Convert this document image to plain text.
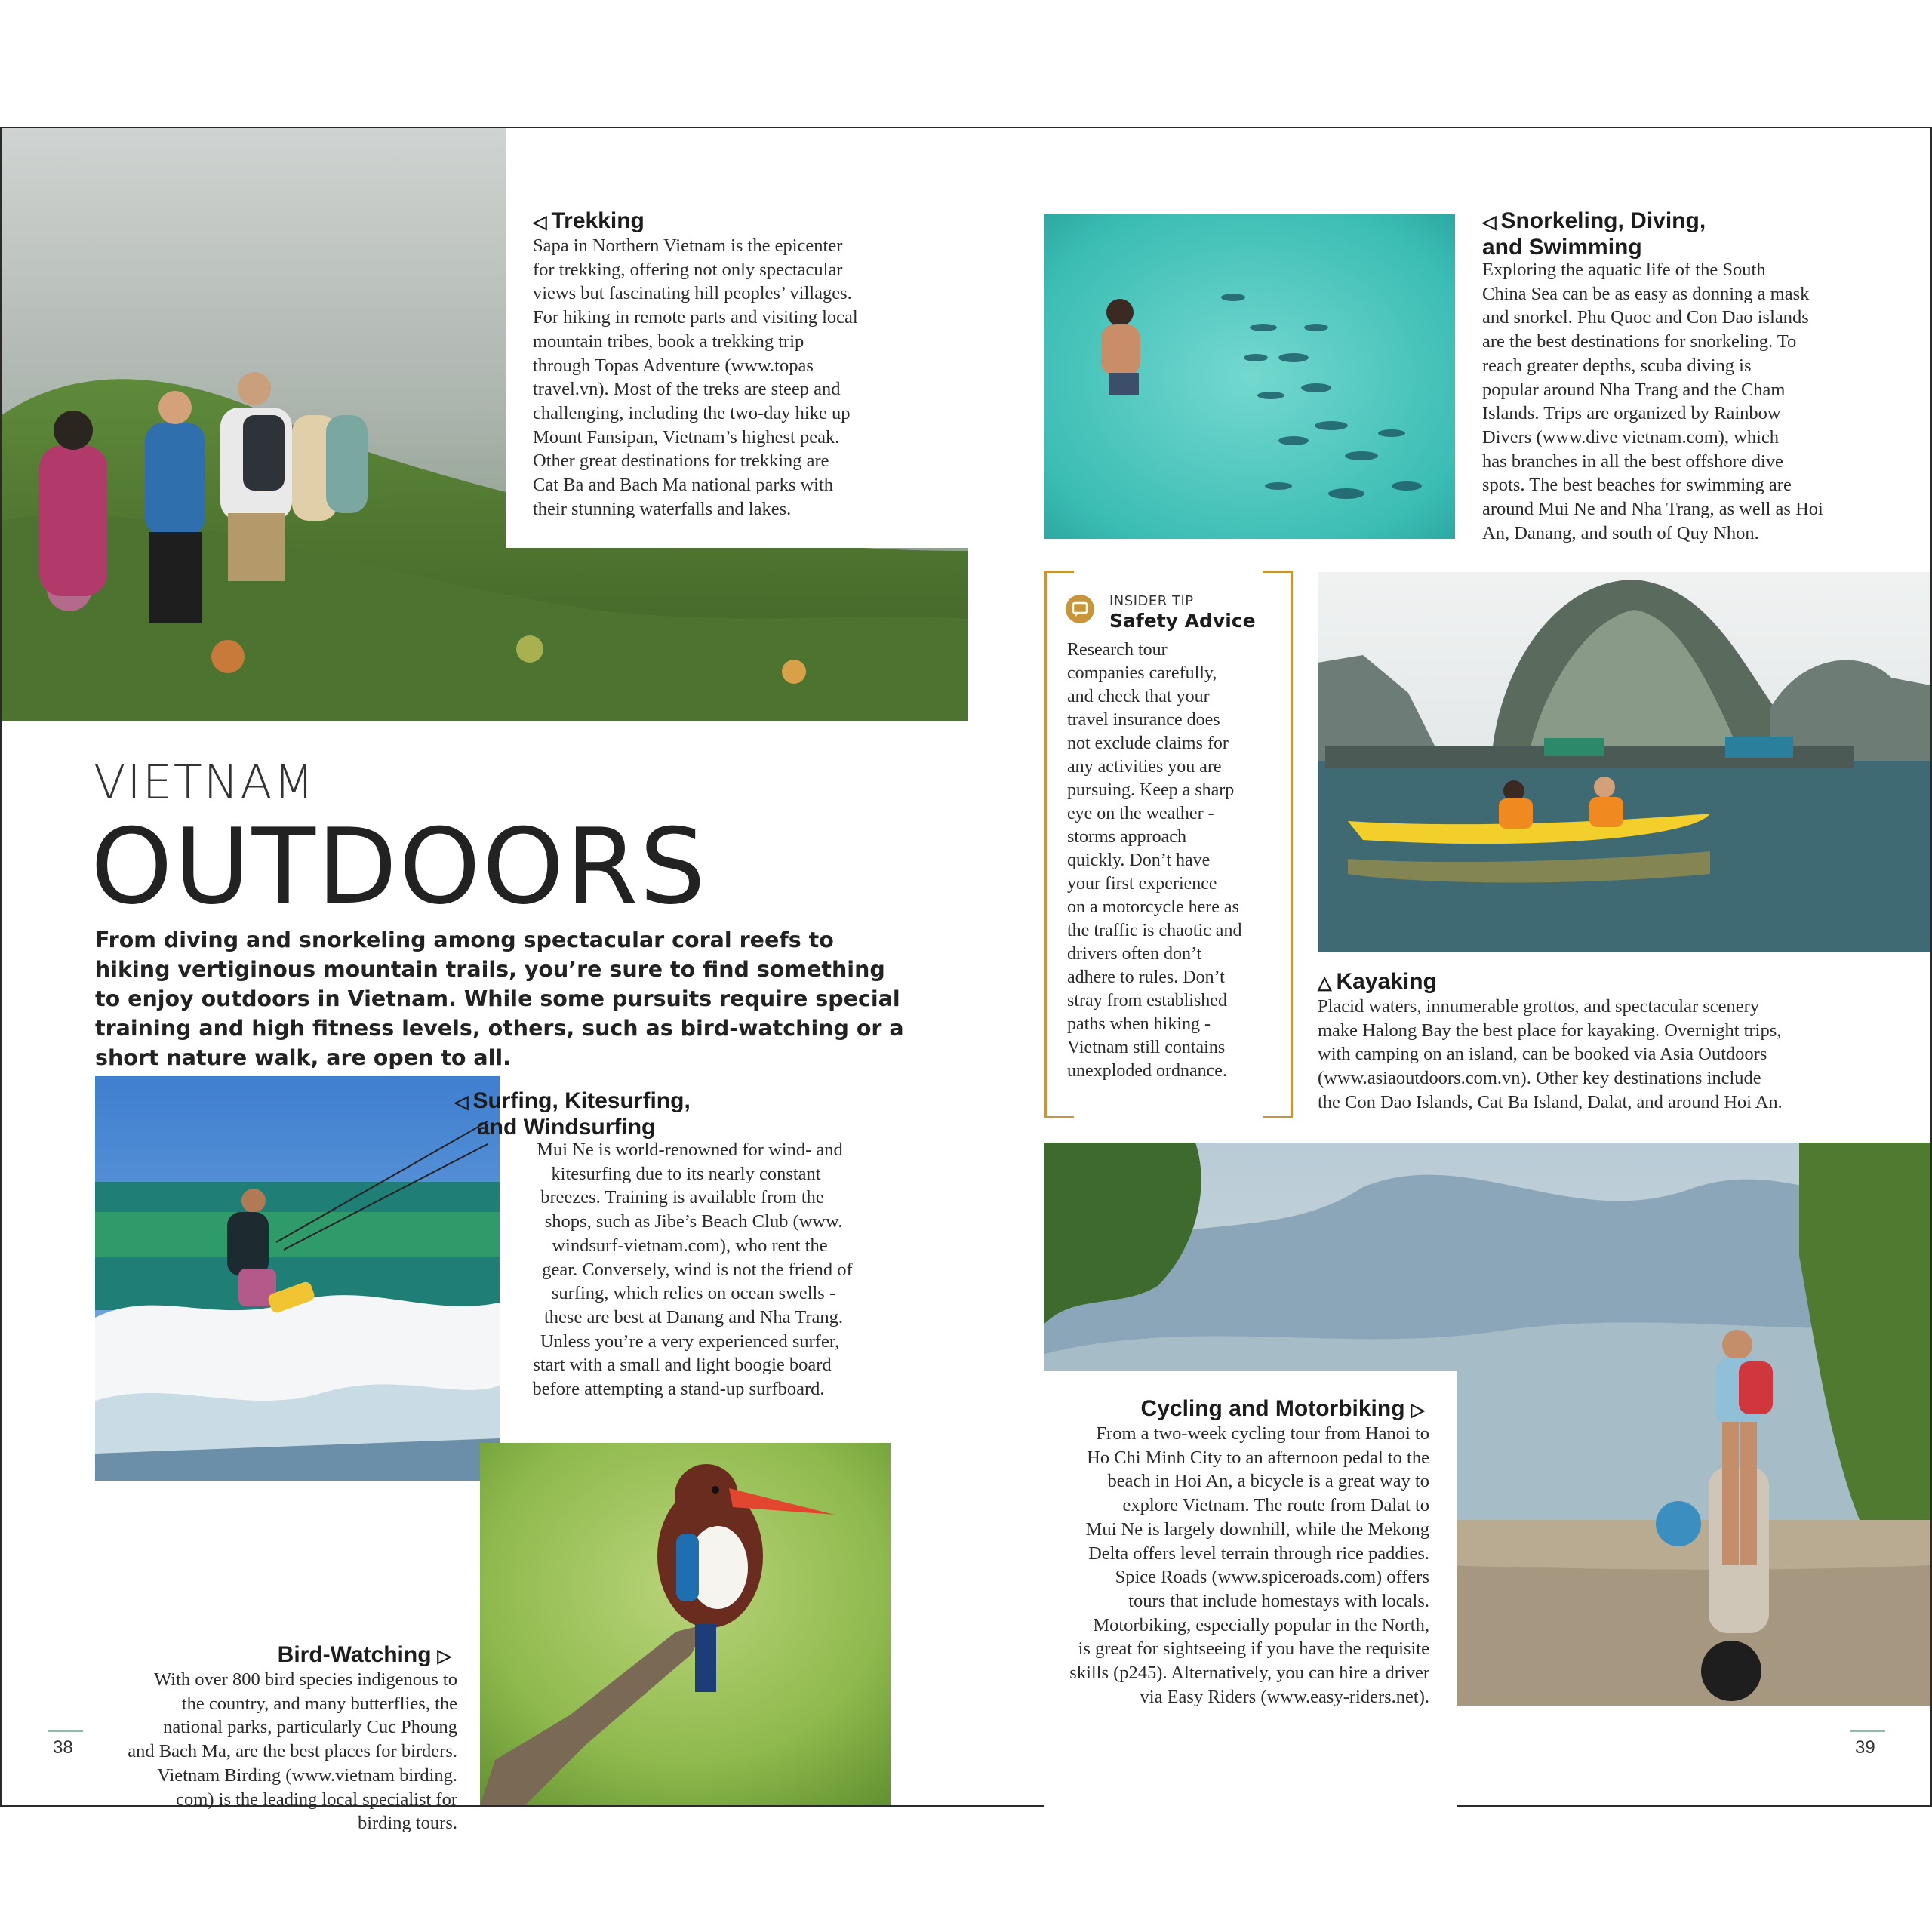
◁ Trekking
Sapa in Northern Vietnam is the epicenter
for trekking, offering not only spectacular
views but fascinating hill peoples’ villages.
For hiking in remote parts and visiting local
mountain tribes, book a trekking trip
through Topas Adventure (www.topas
travel.vn). Most of the treks are steep and
challenging, including the two-day hike up
Mount Fansipan, Vietnam’s highest peak.
Other great destinations for trekking are
Cat Ba and Bach Ma national parks with
their stunning waterfalls and lakes.
VIETNAM
OUTDOORS
From diving and snorkeling among spectacular coral reefs to hiking vertiginous mountain trails, you’re sure to find something to enjoy outdoors in Vietnam. While some pursuits require special training and high fitness levels, others, such as bird-watching or a short nature walk, are open to all.
◁ Surfing, Kitesurfing,
and Windsurfing
Mui Ne is world-renowned for wind- and
kitesurfing due to its nearly constant
breezes. Training is available from the
shops, such as Jibe’s Beach Club (www.
windsurf-vietnam.com), who rent the
gear. Conversely, wind is not the friend of
surfing, which relies on ocean swells -
these are best at Danang and Nha Trang.
Unless you’re a very experienced surfer,
start with a small and light boogie board
before attempting a stand-up surfboard.
Bird-Watching ▷
With over 800 bird species indigenous to
the country, and many butterflies, the
national parks, particularly Cuc Phoung
and Bach Ma, are the best places for birders.
Vietnam Birding (www.vietnam birding.
com) is the leading local specialist for
birding tours.
38
◁ Snorkeling, Diving,
and Swimming
Exploring the aquatic life of the South
China Sea can be as easy as donning a mask
and snorkel. Phu Quoc and Con Dao islands
are the best destinations for snorkeling. To
reach greater depths, scuba diving is
popular around Nha Trang and the Cham
Islands. Trips are organized by Rainbow
Divers (www.dive vietnam.com), which
has branches in all the best offshore dive
spots. The best beaches for swimming are
around Mui Ne and Nha Trang, as well as Hoi
An, Danang, and south of Quy Nhon.
INSIDER TIP
Safety Advice
Research tour
companies carefully,
and check that your
travel insurance does
not exclude claims for
any activities you are
pursuing. Keep a sharp
eye on the weather -
storms approach
quickly. Don’t have
your first experience
on a motorcycle here as
the traffic is chaotic and
drivers often don’t
adhere to rules. Don’t
stray from established
paths when hiking -
Vietnam still contains
unexploded ordnance.
△ Kayaking
Placid waters, innumerable grottos, and spectacular scenery
make Halong Bay the best place for kayaking. Overnight trips,
with camping on an island, can be booked via Asia Outdoors
(www.asiaoutdoors.com.vn). Other key destinations include
the Con Dao Islands, Cat Ba Island, Dalat, and around Hoi An.
Cycling and Motorbiking ▷
From a two-week cycling tour from Hanoi to
Ho Chi Minh City to an afternoon pedal to the
beach in Hoi An, a bicycle is a great way to
explore Vietnam. The route from Dalat to
Mui Ne is largely downhill, while the Mekong
Delta offers level terrain through rice paddies.
Spice Roads (www.spiceroads.com) offers
tours that include homestays with locals.
Motorbiking, especially popular in the North,
is great for sightseeing if you have the requisite
skills (p245). Alternatively, you can hire a driver
via Easy Riders (www.easy-riders.net).
39
